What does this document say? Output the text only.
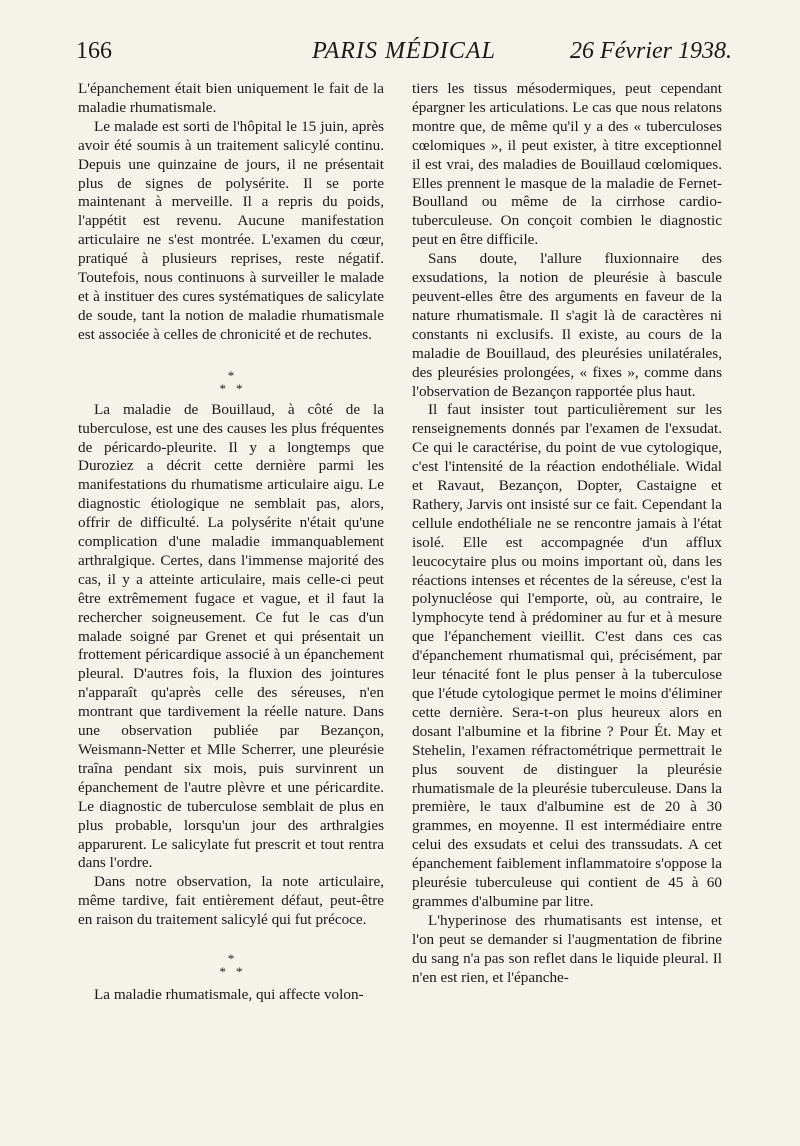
166	PARIS MÉDICAL	26 Février 1938.

L'épanchement était bien uniquement le fait de la maladie rhumatismale.

Le malade est sorti de l'hôpital le 15 juin, après avoir été soumis à un traitement salicylé continu. Depuis une quinzaine de jours, il ne présentait plus de signes de polysérite. Il se porte maintenant à merveille. Il a repris du poids, l'appétit est revenu. Aucune manifestation articulaire ne s'est montrée. L'examen du cœur, pratiqué à plusieurs reprises, reste négatif. Toutefois, nous continuons à surveiller le malade et à instituer des cures systématiques de salicylate de soude, tant la notion de maladie rhumatismale est associée à celles de chronicité et de rechutes.

*
**

La maladie de Bouillaud, à côté de la tuberculose, est une des causes les plus fréquentes de péricardo-pleurite. Il y a longtemps que Duroziez a décrit cette dernière parmi les manifestations du rhumatisme articulaire aigu. Le diagnostic étiologique ne semblait pas, alors, offrir de difficulté. La polysérite n'était qu'une complication d'une maladie immanquablement arthralgique. Certes, dans l'immense majorité des cas, il y a atteinte articulaire, mais celle-ci peut être extrêmement fugace et vague, et il faut la rechercher soigneusement. Ce fut le cas d'un malade soigné par Grenet et qui présentait un frottement péricardique associé à un épanchement pleural. D'autres fois, la fluxion des jointures n'apparaît qu'après celle des séreuses, n'en montrant que tardivement la réelle nature. Dans une observation publiée par Bezançon, Weismann-Netter et Mlle Scherrer, une pleurésie traîna pendant six mois, puis survinrent un épanchement de l'autre plèvre et une péricardite. Le diagnostic de tuberculose semblait de plus en plus probable, lorsqu'un jour des arthralgies apparurent. Le salicylate fut prescrit et tout rentra dans l'ordre.

Dans notre observation, la note articulaire, même tardive, fait entièrement défaut, peut-être en raison du traitement salicylé qui fut précoce.

*
**

La maladie rhumatismale, qui affecte volon-

tiers les tissus mésodermiques, peut cependant épargner les articulations. Le cas que nous relatons montre que, de même qu'il y a des « tuberculoses cœlomiques », il peut exister, à titre exceptionnel il est vrai, des maladies de Bouillaud cœlomiques. Elles prennent le masque de la maladie de Fernet-Boulland ou même de la cirrhose cardio-tuberculeuse. On conçoit combien le diagnostic peut en être difficile.

Sans doute, l'allure fluxionnaire des exsudations, la notion de pleurésie à bascule peuvent-elles être des arguments en faveur de la nature rhumatismale. Il s'agit là de caractères ni constants ni exclusifs. Il existe, au cours de la maladie de Bouillaud, des pleurésies unilatérales, des pleurésies prolongées, « fixes », comme dans l'observation de Bezançon rapportée plus haut.

Il faut insister tout particulièrement sur les renseignements donnés par l'examen de l'exsudat. Ce qui le caractérise, du point de vue cytologique, c'est l'intensité de la réaction endothéliale. Widal et Ravaut, Bezançon, Dopter, Castaigne et Rathery, Jarvis ont insisté sur ce fait. Cependant la cellule endothéliale ne se rencontre jamais à l'état isolé. Elle est accompagnée d'un afflux leucocytaire plus ou moins important où, dans les réactions intenses et récentes de la séreuse, c'est la polynucléose qui l'emporte, où, au contraire, le lymphocyte tend à prédominer au fur et à mesure que l'épanchement vieillit. C'est dans ces cas d'épanchement rhumatismal qui, précisément, par leur ténacité font le plus penser à la tuberculose que l'étude cytologique permet le moins d'éliminer cette dernière. Sera-t-on plus heureux alors en dosant l'albumine et la fibrine ? Pour Ét. May et Stehelin, l'examen réfractométrique permettrait le plus souvent de distinguer la pleurésie rhumatismale de la pleurésie tuberculeuse. Dans la première, le taux d'albumine est de 20 à 30 grammes, en moyenne. Il est intermédiaire entre celui des exsudats et celui des transsudats. A cet épanchement faiblement inflammatoire s'oppose la pleurésie tuberculeuse qui contient de 45 à 60 grammes d'albumine par litre.

L'hyperinose des rhumatisants est intense, et l'on peut se demander si l'augmentation de fibrine du sang n'a pas son reflet dans le liquide pleural. Il n'en est rien, et l'épanche-
